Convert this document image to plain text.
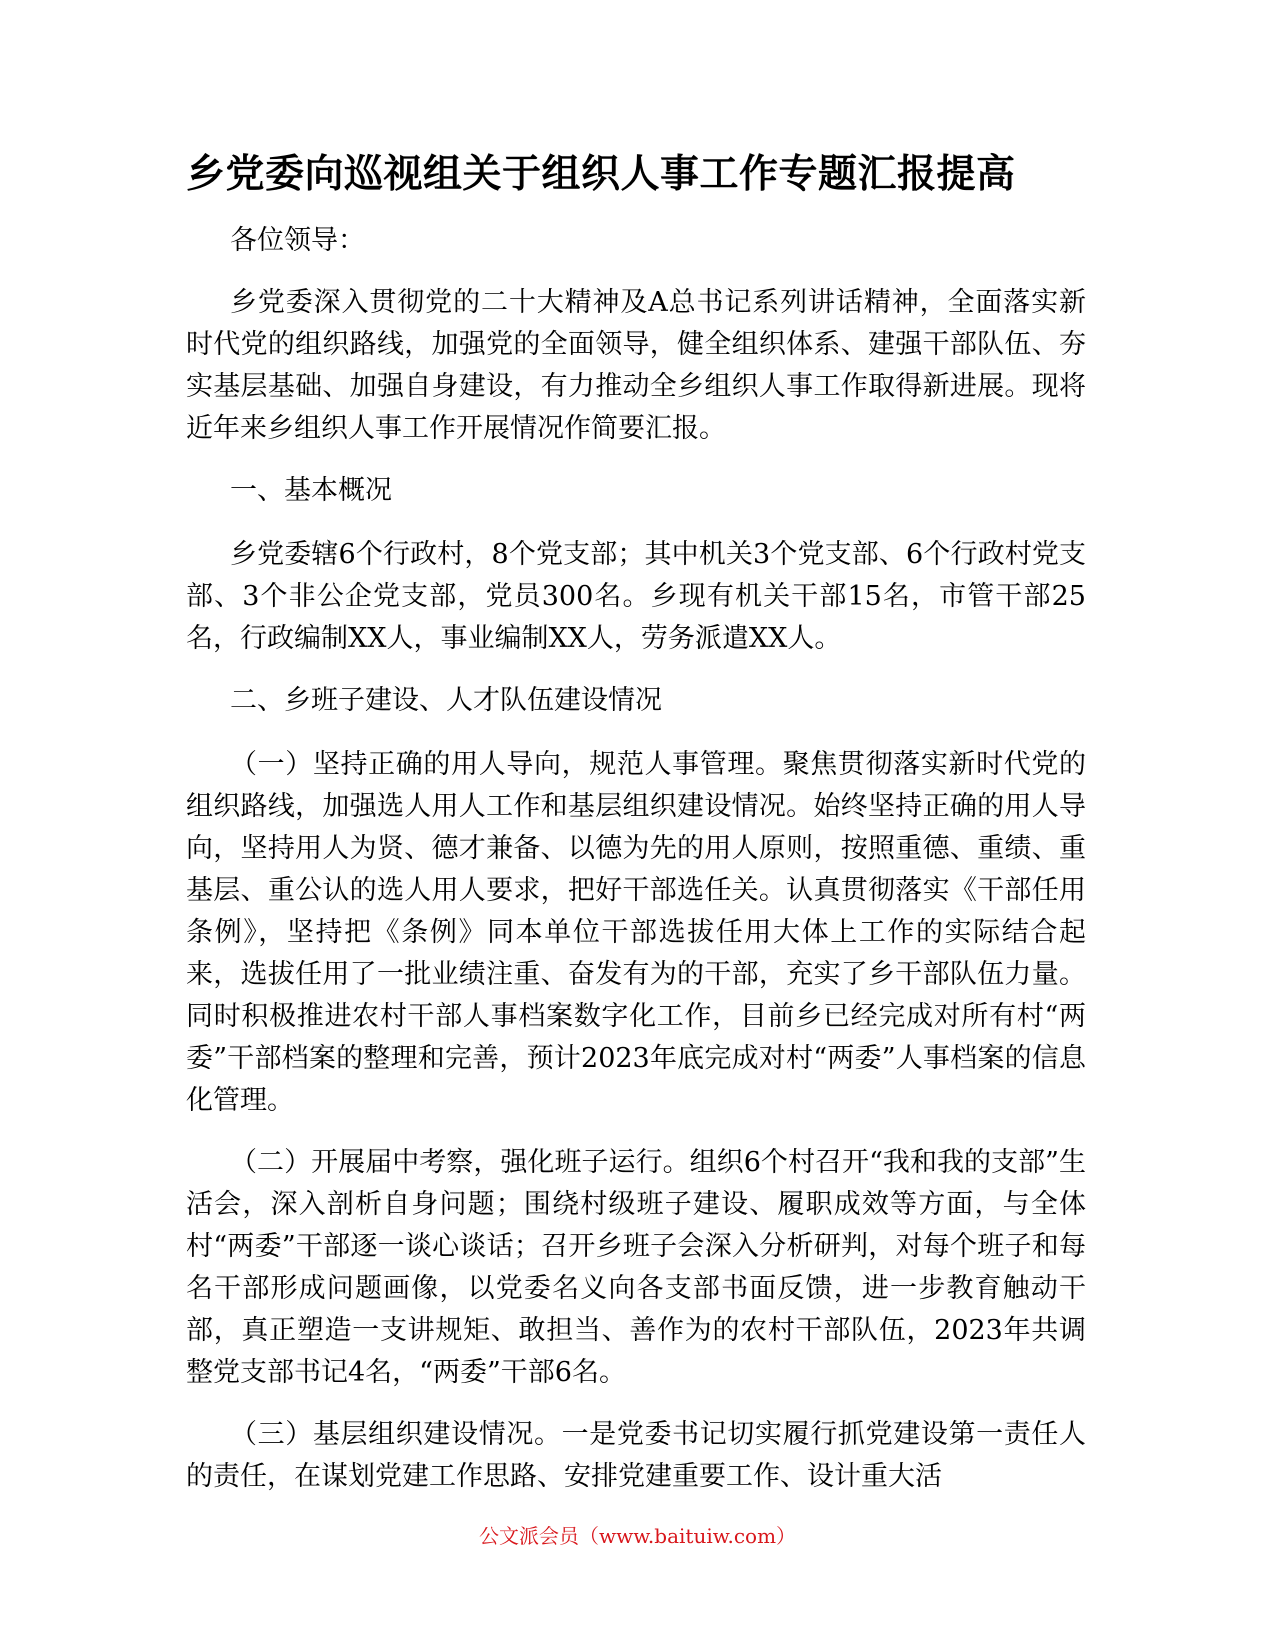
乡党委向巡视组关于组织人事工作专题汇报提高

各位领导：

乡党委深入贯彻党的二十大精神及A总书记系列讲话精神，全面落实新时代党的组织路线，加强党的全面领导，健全组织体系、建强干部队伍、夯实基层基础、加强自身建设，有力推动全乡组织人事工作取得新进展。现将近年来乡组织人事工作开展情况作简要汇报。

一、基本概况

乡党委辖6个行政村，8个党支部；其中机关3个党支部、6个行政村党支部、3个非公企党支部，党员300名。乡现有机关干部15名，市管干部25名，行政编制XX人，事业编制XX人，劳务派遣XX人。

二、乡班子建设、人才队伍建设情况

（一）坚持正确的用人导向，规范人事管理。聚焦贯彻落实新时代党的组织路线，加强选人用人工作和基层组织建设情况。始终坚持正确的用人导向，坚持用人为贤、德才兼备、以德为先的用人原则，按照重德、重绩、重基层、重公认的选人用人要求，把好干部选任关。认真贯彻落实《干部任用条例》，坚持把《条例》同本单位干部选拔任用大体上工作的实际结合起来，选拔任用了一批业绩注重、奋发有为的干部，充实了乡干部队伍力量。同时积极推进农村干部人事档案数字化工作，目前乡已经完成对所有村“两委”干部档案的整理和完善，预计2023年底完成对村“两委”人事档案的信息化管理。

（二）开展届中考察，强化班子运行。组织6个村召开“我和我的支部”生活会，深入剖析自身问题；围绕村级班子建设、履职成效等方面，与全体村“两委”干部逐一谈心谈话；召开乡班子会深入分析研判，对每个班子和每名干部形成问题画像，以党委名义向各支部书面反馈，进一步教育触动干部，真正塑造一支讲规矩、敢担当、善作为的农村干部队伍，2023年共调整党支部书记4名，“两委”干部6名。

（三）基层组织建设情况。一是党委书记切实履行抓党建设第一责任人的责任，在谋划党建工作思路、安排党建重要工作、设计重大活

公文派会员（www.baituiw.com）
